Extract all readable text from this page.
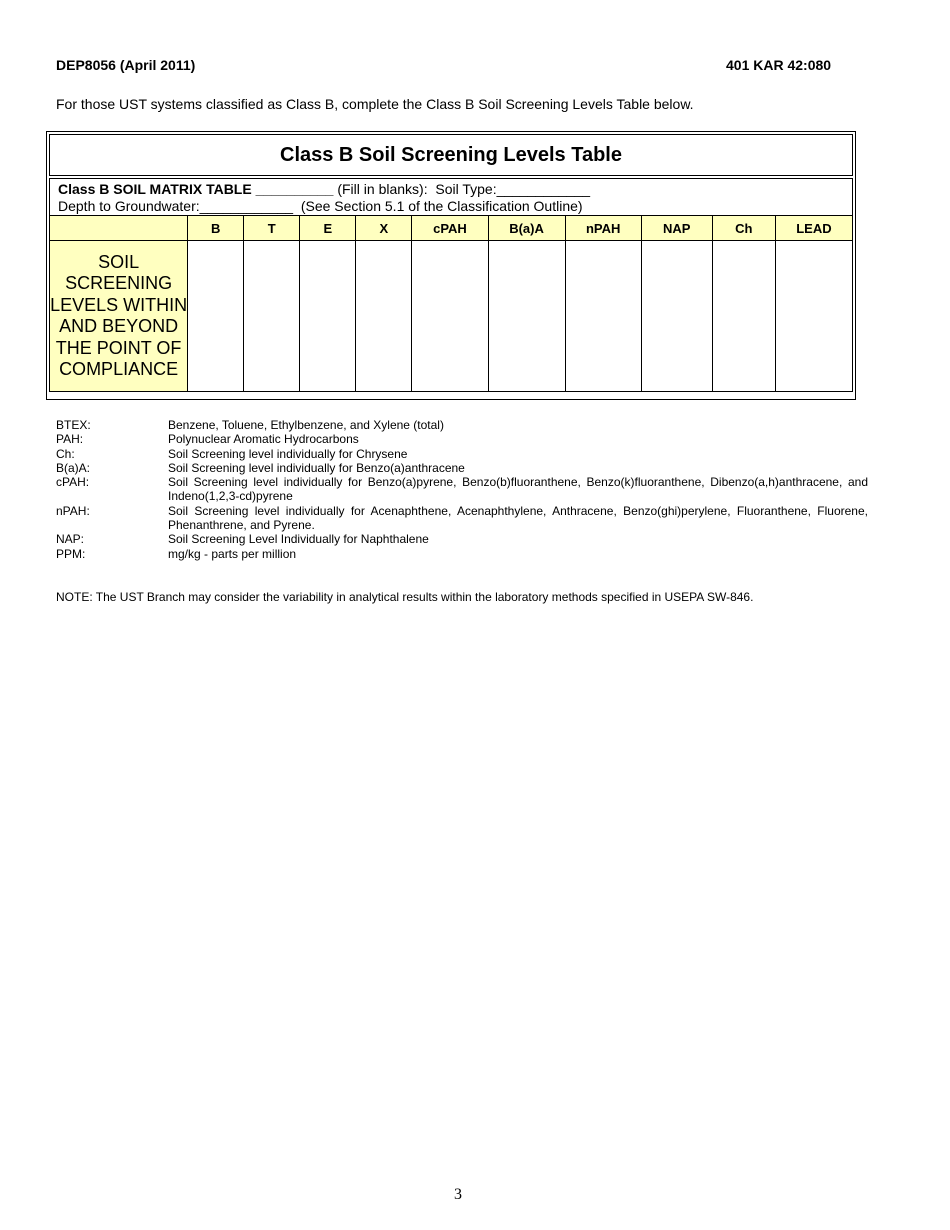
DEP8056 (April 2011)	401 KAR 42:080
For those UST systems classified as Class B, complete the Class B Soil Screening Levels Table below.
Class B Soil Screening Levels Table
Class B SOIL MATRIX TABLE __________ (Fill in blanks):  Soil Type:____________
Depth to Groundwater:____________  (See Section 5.1 of the Classification Outline)
	B	T	E	X	cPAH	B(a)A	nPAH	NAP	Ch	LEAD
SOIL SCREENING LEVELS WITHIN AND BEYOND THE POINT OF COMPLIANCE										
BTEX:	Benzene, Toluene, Ethylbenzene, and Xylene (total)
PAH:	Polynuclear Aromatic Hydrocarbons
Ch:	Soil Screening level individually for Chrysene
B(a)A:	Soil Screening level individually for Benzo(a)anthracene
cPAH:	Soil Screening level individually for Benzo(a)pyrene, Benzo(b)fluoranthene, Benzo(k)fluoranthene, Dibenzo(a,h)anthracene, and Indeno(1,2,3-cd)pyrene
nPAH:	Soil Screening level individually for Acenaphthene, Acenaphthylene, Anthracene, Benzo(ghi)perylene, Fluoranthene, Fluorene, Phenanthrene, and Pyrene.
NAP:	Soil Screening Level Individually for Naphthalene
PPM:	mg/kg - parts per million
NOTE: The UST Branch may consider the variability in analytical results within the laboratory methods specified in USEPA SW-846.
3
